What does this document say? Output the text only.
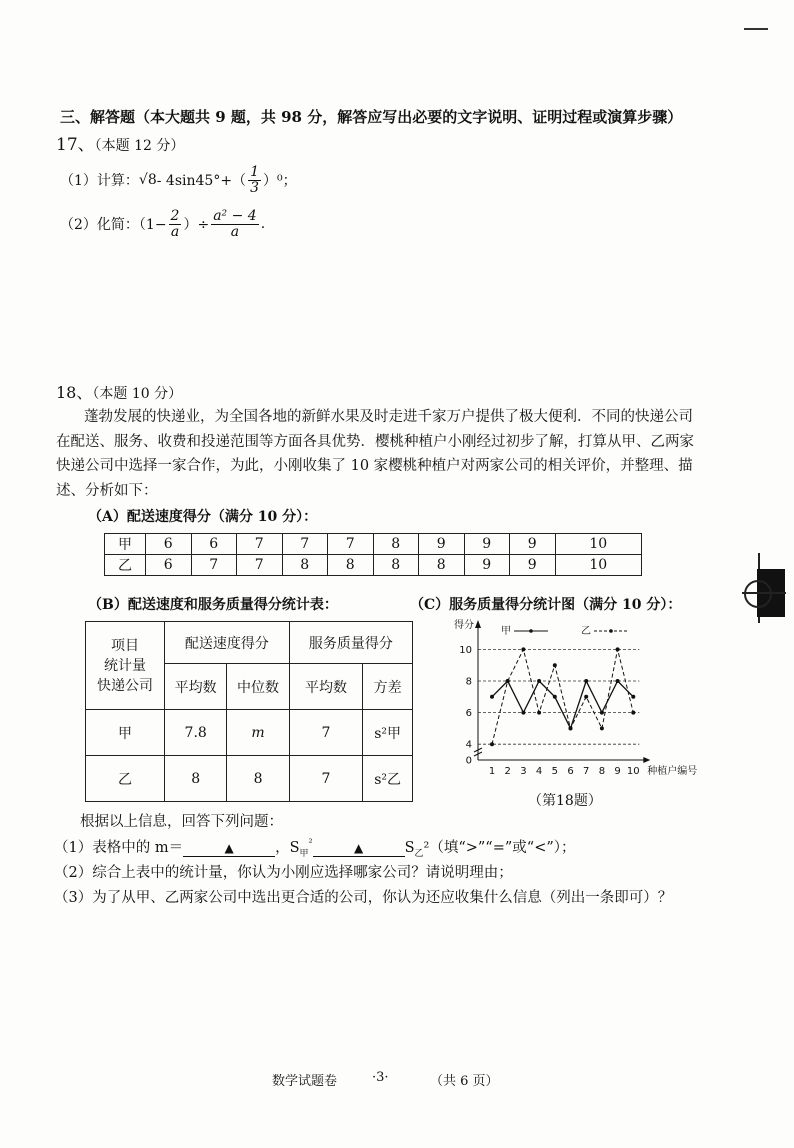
三、解答题（本大题共 9 题，共 98 分，解答应写出必要的文字说明、证明过程或演算步骤）
17、（本题 12 分）
（1）计算： $√8 - 4\sin 45^\circ+( \frac{1}{3} )^0$；
（2）化简：（$1- \frac{2}{a}$ ）÷ $\frac{\text{a² − 4}}{a}$ .
18、（本题 10 分）
蓬勃发展的快递业，为全国各地的新鲜水果及时走进千家万户提供了极大便利．不同的快递公司在配送、服务、收费和投递范围等方面各具优势．樱桃种植户小刚经过初步了解，打算从甲、乙两家快递公司中选择一家合作，为此，小刚收集了 10 家樱桃种植户对两家公司的相关评价，并整理、描述、分析如下：
（A）配送速度得分（满分 10 分）：
甲	6	6	7	7	7	8	9	9	9	10
乙	6	7	7	8	8	8	8	9	9	10
（B）配送速度和服务质量得分统计表：	（C）服务质量得分统计图（满分 10 分）：
项目
统计量
快递公司	配送速度得分		服务质量得分	
	平均数	中位数	平均数	方差
甲	7.8	m	7	s²甲
乙	8	8	7	s²乙
得分
0
4
6
8
10
1 2 3 4 5 6 7 8 9 10 种植户编号
甲	乙
（第18题）
根据以上信息，回答下列问题：
（1）表格中的 m＝	▲	，$S_甲^{^2}$	▲	$S_乙^2$（填“>”“=”或“<”）；
（2）综合上表中的统计量，你认为小刚应选择哪家公司？请说明理由；
（3）为了从甲、乙两家公司中选出更合适的公司，你认为还应收集什么信息（列出一条即可）？
数学试题卷	·3·	（共 6 页）
